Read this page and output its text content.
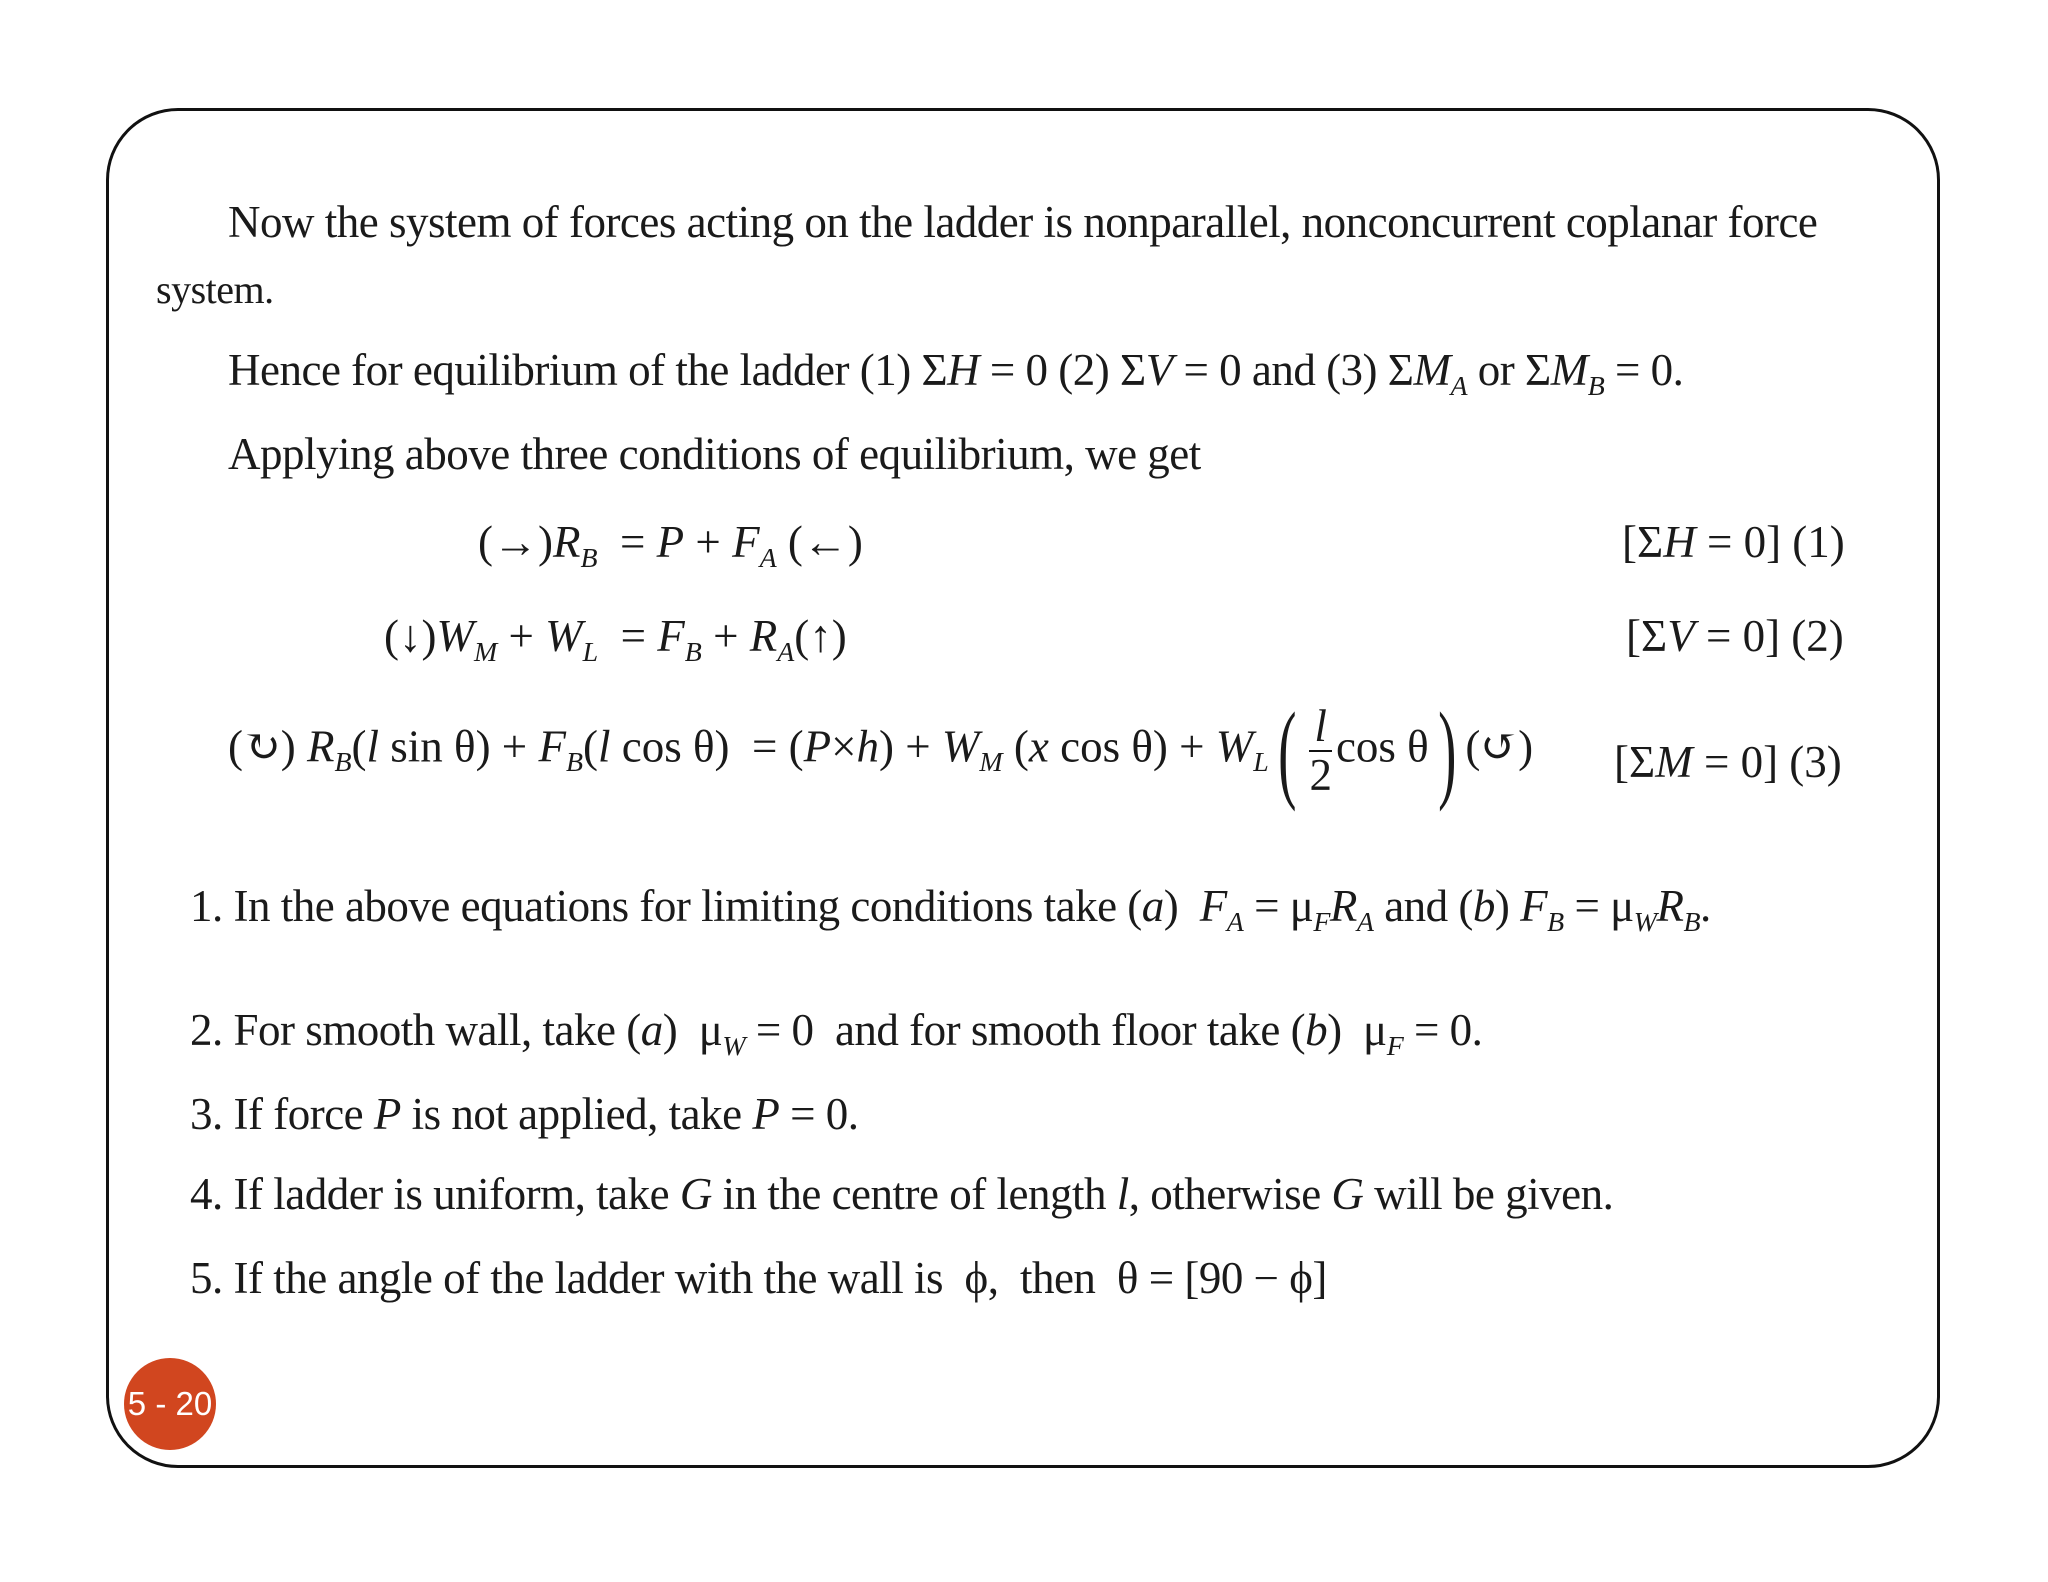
Now the system of forces acting on the ladder is nonparallel, nonconcurrent coplanar force
system.
Hence for equilibrium of the ladder (1) ΣH = 0 (2) ΣV = 0 and (3) $\Sigma M_A$ or $\Sigma M_B = 0$.
Applying above three conditions of equilibrium, we get
$(\to)R_B = P + F_A$ (←)	[ΣH = 0] (1)
$(↓)W_M + W_L = F_B$ + $R_A(↑)$	[ΣV = 0] (2)
(↻) $R_B(l$ $\sin \theta) + F_B(l$ $\cos \theta) = (P\times h) + W_M$ (x $\cos \theta) + W_L( \frac{l}{2}$ cos θ) (↺) [ΣM = 0] (3)
1. In the above equations for limiting conditions take (a)  $F_A = \mu_FR_A$ and (b) $F_B = \mu_WR_B$.
2. For smooth wall, take (a)  $\mu_W = 0$  and for smooth floor take (b)  $\mu_F = 0$.
3. If force P is not applied, take P = 0.
4. If ladder is uniform, take G in the centre of length l, otherwise G will be given.
5. If the angle of the ladder with the wall is  ϕ,  then  θ = [90 − ϕ]
5 - 20
